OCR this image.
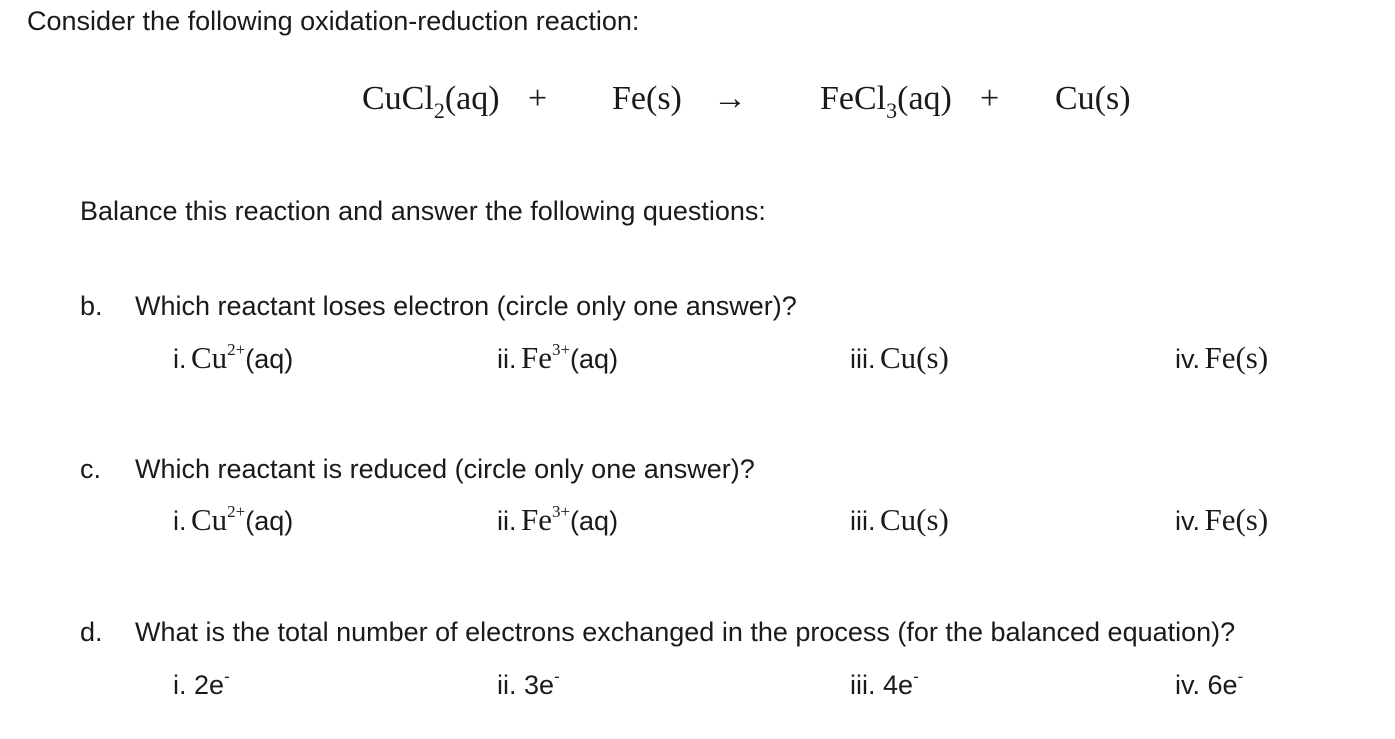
Consider the following oxidation-reduction reaction:
CuCl$_2$(aq) + Fe(s) → FeCl$_3$(aq) + Cu(s)
Balance this reaction and answer the following questions:
b. Which reactant loses electron (circle only one answer)?
i. $Cu^{2+}(aq)$	ii. $Fe^{3+}(aq)$	iii. Cu(s)	iv. Fe(s)
c. Which reactant is reduced (circle only one answer)?
i. $Cu^{2+}(aq)$	ii. $Fe^{3+}(aq)$	iii. Cu(s)	iv. Fe(s)
d. What is the total number of electrons exchanged in the process (for the balanced equation)?
i. 2e-	ii. 3e-	iii. 4e-	iv. 6e-
